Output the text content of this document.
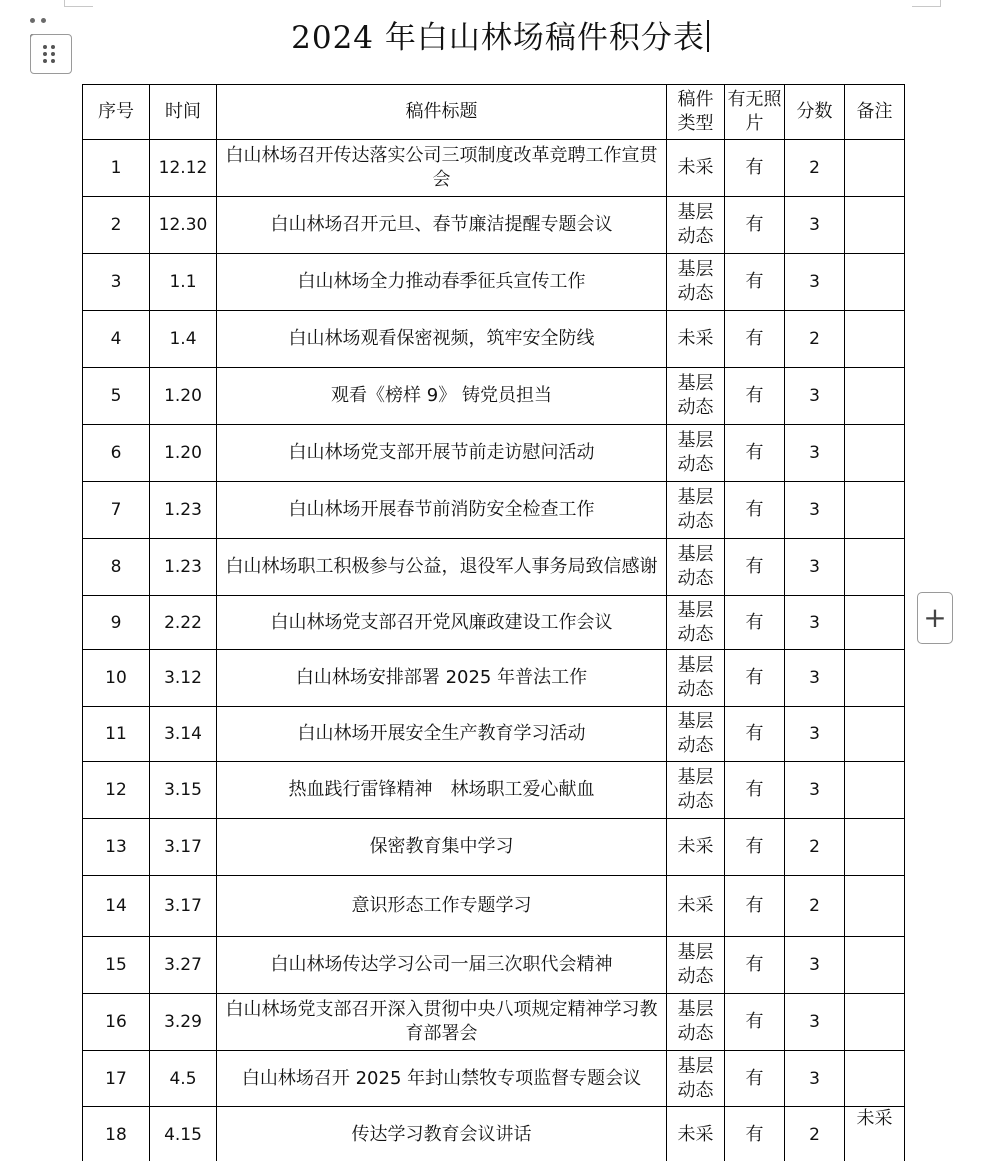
2024 年白山林场稿件积分表
序号	时间	稿件标题	稿件类型	有无照片	分数	备注
1	12.12	白山林场召开传达落实公司三项制度改革竞聘工作宣贯会	未采	有	2	
2	12.30	白山林场召开元旦、春节廉洁提醒专题会议	基层动态	有	3	
3	1.1	白山林场全力推动春季征兵宣传工作	基层动态	有	3	
4	1.4	白山林场观看保密视频，筑牢安全防线	未采	有	2	
5	1.20	观看《榜样 9》 铸党员担当	基层动态	有	3	
6	1.20	白山林场党支部开展节前走访慰问活动	基层动态	有	3	
7	1.23	白山林场开展春节前消防安全检查工作	基层动态	有	3	
8	1.23	白山林场职工积极参与公益，退役军人事务局致信感谢	基层动态	有	3	
9	2.22	白山林场党支部召开党风廉政建设工作会议	基层动态	有	3	
10	3.12	白山林场安排部署 2025 年普法工作	基层动态	有	3	
11	3.14	白山林场开展安全生产教育学习活动	基层动态	有	3	
12	3.15	热血践行雷锋精神　林场职工爱心献血	基层动态	有	3	
13	3.17	保密教育集中学习	未采	有	2	
14	3.17	意识形态工作专题学习	未采	有	2	
15	3.27	白山林场传达学习公司一届三次职代会精神	基层动态	有	3	
16	3.29	白山林场党支部召开深入贯彻中央八项规定精神学习教育部署会	基层动态	有	3	
17	4.5	白山林场召开 2025 年封山禁牧专项监督专题会议	基层动态	有	3	
18	4.15	传达学习教育会议讲话	未采	有	2	未采
+
